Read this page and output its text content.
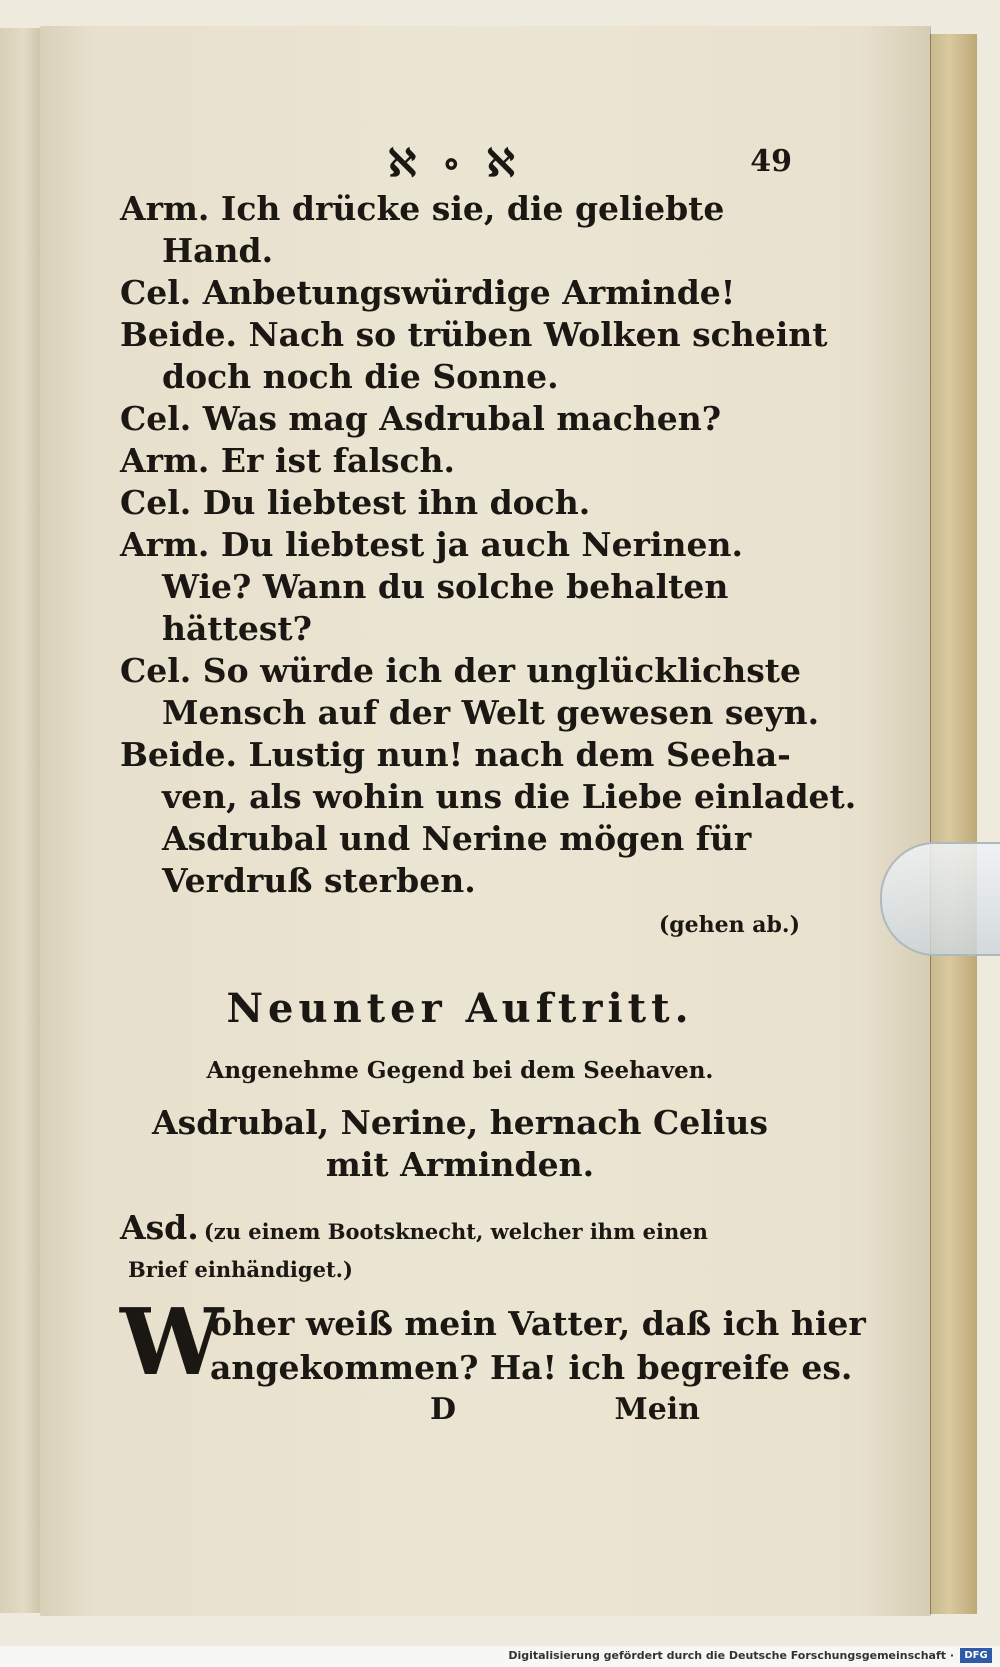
ℵ ∘ ℵ	49
Arm. Ich drücke sie, die geliebte
Hand.
Cel. Anbetungswürdige Arminde!
Beide. Nach so trüben Wolken scheint
doch noch die Sonne.
Cel. Was mag Asdrubal machen?
Arm. Er ist falsch.
Cel. Du liebtest ihn doch.
Arm. Du liebtest ja auch Nerinen.
Wie? Wann du solche behalten
hättest?
Cel. So würde ich der unglücklichste
Mensch auf der Welt gewesen seyn.
Beide. Lustig nun! nach dem Seeha-
ven, als wohin uns die Liebe einladet.
Asdrubal und Nerine mögen für
Verdruß sterben.
(gehen ab.)
Neunter Auftritt.
Angenehme Gegend bei dem Seehaven.
Asdrubal, Nerine, hernach Celius
mit Arminden.
Asd. (zu einem Bootsknecht, welcher ihm einen
Brief einhändiget.)
W
oher weiß mein Vatter, daß ich hier
angekommen? Ha! ich begreife es.
D	Mein
Digitalisierung gefördert durch die Deutsche Forschungsgemeinschaft ·	DFG
